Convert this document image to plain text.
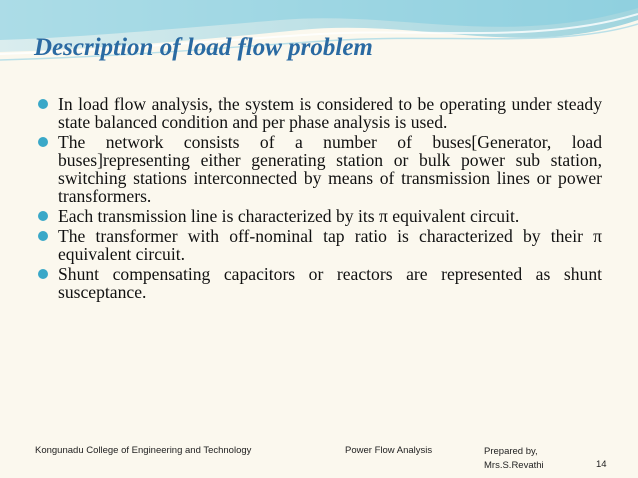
Description of load flow problem
In load flow analysis, the system is considered to be operating under steady state balanced condition and per phase analysis is used.
The network consists of a number of buses[Generator, load buses]representing either generating station or bulk power sub station, switching stations interconnected by means of transmission lines or power transformers.
Each transmission line is characterized by its π equivalent circuit.
The transformer with off-nominal tap ratio is characterized by their π equivalent circuit.
Shunt compensating capacitors or reactors are represented as shunt susceptance.
Kongunadu College of Engineering and Technology	Power Flow Analysis	Prepared by,
Mrs.S.Revathi	14
